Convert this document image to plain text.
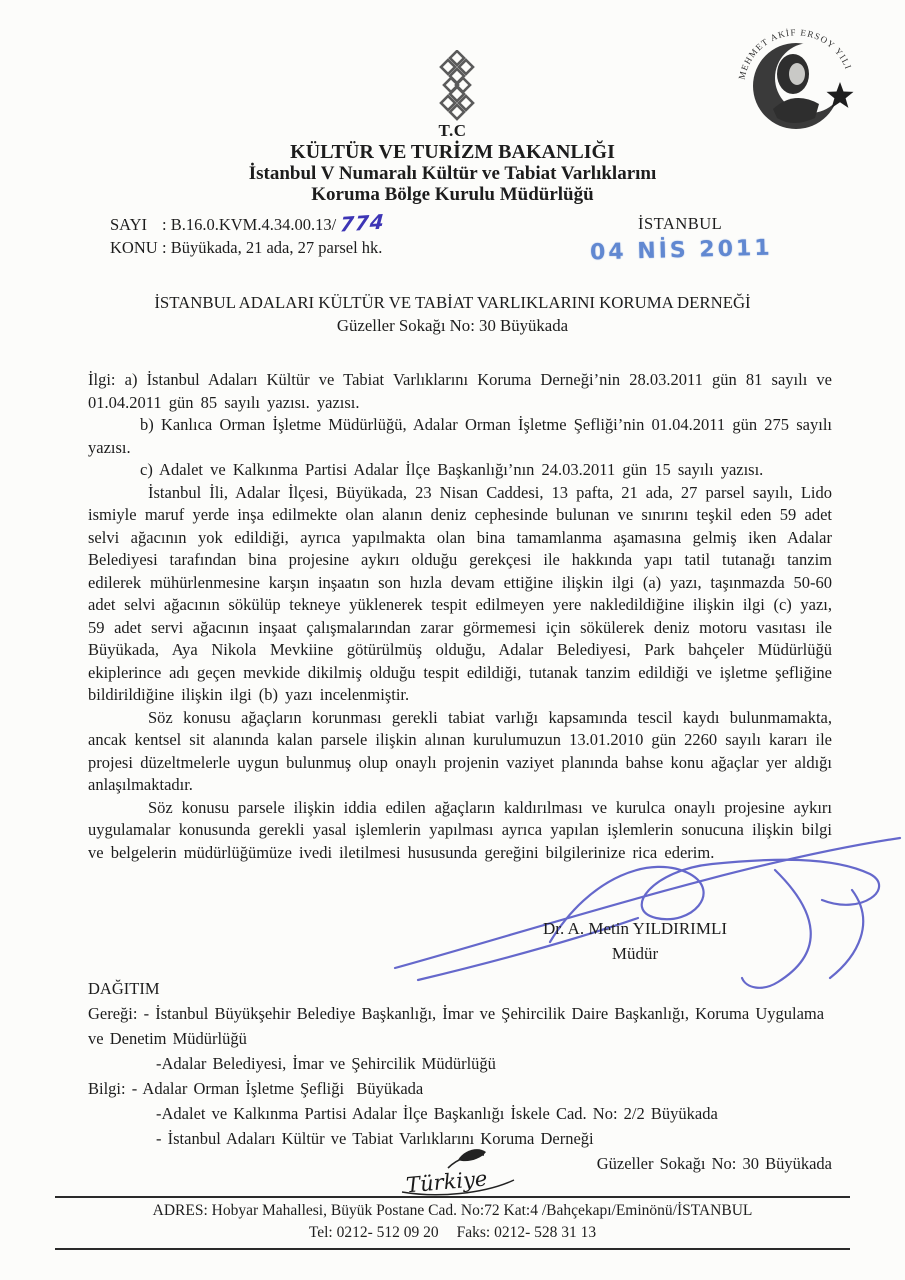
MEHMET AKİF ERSOY YILI
T.C
KÜLTÜR VE TURİZM BAKANLIĞI
İstanbul V Numaralı Kültür ve Tabiat Varlıklarını
Koruma Bölge Kurulu Müdürlüğü
SAYI : B.16.0.KVM.4.34.00.13/ 774
KONU : Büyükada, 21 ada, 27 parsel hk.
İSTANBUL
04 NİS 2011
İSTANBUL ADALARI KÜLTÜR VE TABİAT VARLIKLARINI KORUMA DERNEĞİ
Güzeller Sokağı No: 30 Büyükada

İlgi: a) İstanbul Adaları Kültür ve Tabiat Varlıklarını Koruma Derneği’nin 28.03.2011 gün 81 sayılı ve 01.04.2011 gün 85 sayılı yazısı. yazısı.

b) Kanlıca Orman İşletme Müdürlüğü, Adalar Orman İşletme Şefliği’nin 01.04.2011 gün 275 sayılı yazısı.

c) Adalet ve Kalkınma Partisi Adalar İlçe Başkanlığı’nın 24.03.2011 gün 15 sayılı yazısı.

İstanbul İli, Adalar İlçesi, Büyükada, 23 Nisan Caddesi, 13 pafta, 21 ada, 27 parsel sayılı, Lido ismiyle maruf yerde inşa edilmekte olan alanın deniz cephesinde bulunan ve sınırını teşkil eden 59 adet selvi ağacının yok edildiği, ayrıca yapılmakta olan bina tamamlanma aşamasına gelmiş iken Adalar Belediyesi tarafından bina projesine aykırı olduğu gerekçesi ile hakkında yapı tatil tutanağı tanzim edilerek mühürlenmesine karşın inşaatın son hızla devam ettiğine ilişkin ilgi (a) yazı, taşınmazda 50-60 adet selvi ağacının sökülüp tekneye yüklenerek tespit edilmeyen yere nakledildiğine ilişkin ilgi (c) yazı, 59 adet servi ağacının inşaat çalışmalarından zarar görmemesi için sökülerek deniz motoru vasıtası ile Büyükada, Aya Nikola Mevkiine götürülmüş olduğu, Adalar Belediyesi, Park bahçeler Müdürlüğü ekiplerince adı geçen mevkide dikilmiş olduğu tespit edildiği, tutanak tanzim edildiği ve işletme şefliğine bildirildiğine ilişkin ilgi (b) yazı incelenmiştir.

Söz konusu ağaçların korunması gerekli tabiat varlığı kapsamında tescil kaydı bulunmamakta, ancak kentsel sit alanında kalan parsele ilişkin alınan kurulumuzun 13.01.2010 gün 2260 sayılı kararı ile projesi düzeltmelerle uygun bulunmuş olup onaylı projenin vaziyet planında bahse konu ağaçlar yer aldığı anlaşılmaktadır.

Söz konusu parsele ilişkin iddia edilen ağaçların kaldırılması ve kurulca onaylı projesine aykırı uygulamalar konusunda gerekli yasal işlemlerin yapılması ayrıca yapılan işlemlerin sonucuna ilişkin bilgi ve belgelerin müdürlüğümüze ivedi iletilmesi hususunda gereğini bilgilerinize rica ederim.

Dr. A. Metin YILDIRIMLI
Müdür
DAĞITIM
Gereği: - İstanbul Büyükşehir Belediye Başkanlığı, İmar ve Şehircilik Daire Başkanlığı, Koruma Uygulama ve Denetim Müdürlüğü
-Adalar Belediyesi, İmar ve Şehircilik Müdürlüğü
Bilgi: - Adalar Orman İşletme Şefliği  Büyükada
-Adalet ve Kalkınma Partisi Adalar İlçe Başkanlığı İskele Cad. No: 2/2 Büyükada
- İstanbul Adaları Kültür ve Tabiat Varlıklarını Koruma Derneği
Güzeller Sokağı No: 30 Büyükada
Türkiye
ADRES: Hobyar Mahallesi, Büyük Postane Cad. No:72 Kat:4 /Bahçekapı/Eminönü/İSTANBUL
Tel: 0212- 512 09 20 Faks: 0212- 528 31 13
